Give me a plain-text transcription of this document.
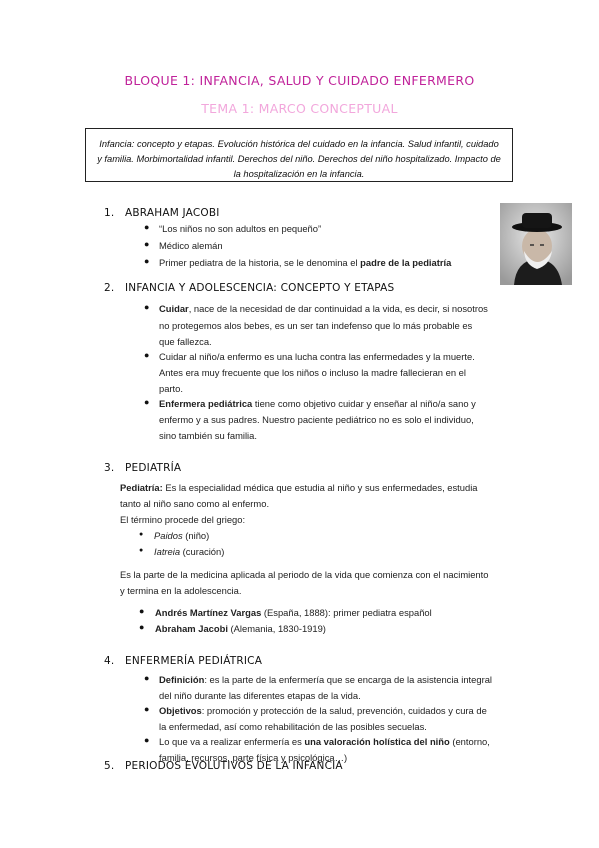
BLOQUE 1: INFANCIA, SALUD Y CUIDADO ENFERMERO
TEMA 1: MARCO CONCEPTUAL
Infancia: concepto y etapas. Evolución histórica del cuidado en la infancia. Salud infantil, cuidado y familia. Morbimortalidad infantil. Derechos del niño. Derechos del niño hospitalizado. Impacto de la hospitalización en la infancia.
1. ABRAHAM JACOBI
● “Los niños no son adultos en pequeño”
● Médico alemán
● Primer pediatra de la historia, se le denomina el padre de la pediatría
2. INFANCIA Y ADOLESCENCIA: CONCEPTO Y ETAPAS
● Cuidar, nace de la necesidad de dar continuidad a la vida, es decir, si nosotros
no protegemos alos bebes, es un ser tan indefenso que lo más probable es
que fallezca.
● Cuidar al niño/a enfermo es una lucha contra las enfermedades y la muerte.
Antes era muy frecuente que los niños o incluso la madre fallecieran en el
parto.
● Enfermera pediátrica tiene como objetivo cuidar y enseñar al niño/a sano y
enfermo y a sus padres. Nuestro paciente pediátrico no es solo el individuo,
sino también su familia.
3. PEDIATRÍA
Pediatría: Es la especialidad médica que estudia al niño y sus enfermedades, estudia
tanto al niño sano como al enfermo.
El término procede del griego:
● Paidos (niño)
● Iatreia (curación)
Es la parte de la medicina aplicada al periodo de la vida que comienza con el nacimiento
y termina en la adolescencia.
● Andrés Martínez Vargas (España, 1888): primer pediatra español
● Abraham Jacobi (Alemania, 1830-1919)
4. ENFERMERÍA PEDIÁTRICA
● Definición: es la parte de la enfermería que se encarga de la asistencia integral
del niño durante las diferentes etapas de la vida.
● Objetivos: promoción y protección de la salud, prevención, cuidados y cura de
la enfermedad, así como rehabilitación de las posibles secuelas.
● Lo que va a realizar enfermería es una valoración holística del niño (entorno,
familia, recursos, parte física y psicológica…)
5. PERIODOS EVOLUTIVOS DE LA INFANCIA
